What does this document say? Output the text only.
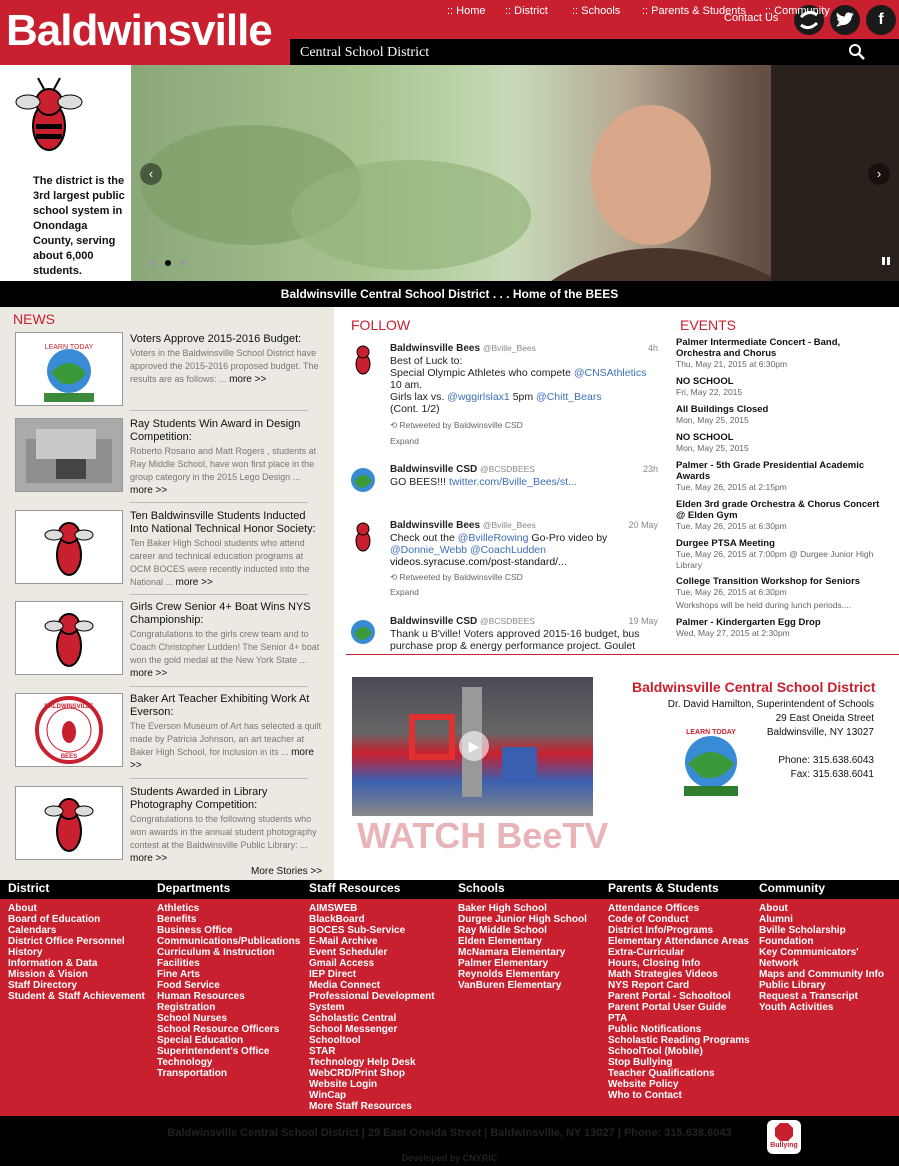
Baldwinsville Central School District
Contact Us	f
:: Home :: District :: Schools :: Parents & Students :: Community
The district is the 3rd largest public school system in Onondaga County, serving about 6,000 students.
‹	›
Baldwinsville Central School District . . . Home of the BEES
NEWS
LEARN TODAY
Voters Approve 2015-2016 Budget:
Voters in the Baldwinsville School District have approved the 2015-2016 proposed budget. The results are as follows: ... more >>
Ray Students Win Award in Design Competition:
Roberto Rosario and Matt Rogers , students at Ray Middle School, have won first place in the group category in the 2015 Lego Design ... more >>
Ten Baldwinsville Students Inducted Into National Technical Honor Society:
Ten Baker High School students who attend career and technical education programs at OCM BOCES were recently inducted into the National ... more >>
Girls Crew Senior 4+ Boat Wins NYS Championship:
Congratulations to the girls crew team and to Coach Christopher Ludden! The Senior 4+ boat won the gold medal at the New York State ... more >>
BALDWINSVILLE
BEES
Baker Art Teacher Exhibiting Work At Everson:
The Everson Museum of Art has selected a quilt made by Patricia Johnson, an art teacher at Baker High School, for inclusion in its ... more >>
Students Awarded in Library Photography Competition:
Congratulations to the following students who won awards in the annual student photography contest at the Baldwinsville Public Library: ... more >>
More Stories >>
FOLLOW
Baldwinsville Bees @Bville_Bees	4h
Best of Luck to:
Special Olympic Athletes who compete @CNSAthletics
10 am.
Girls lax vs. @wggirlslax1 5pm @Chitt_Bears
(Cont. 1/2)
⟲ Retweeted by Baldwinsville CSD
Expand
Baldwinsville CSD @BCSDBEES	23h
GO BEES!!! twitter.com/Bville_Bees/st...
Baldwinsville Bees @Bville_Bees	20 May
Check out the @BvilleRowing Go-Pro video by
@Donnie_Webb @CoachLudden
videos.syracuse.com/post-standard/...
⟲ Retweeted by Baldwinsville CSD
Expand
Baldwinsville CSD @BCSDBEES	19 May
Thank u B'ville! Voters approved 2015-16 budget, bus
purchase prop & energy performance project. Goulet
EVENTS
Palmer Intermediate Concert - Band, Orchestra and Chorus
Thu, May 21, 2015 at 6:30pm
NO SCHOOL
Fri, May 22, 2015
All Buildings Closed
Mon, May 25, 2015
NO SCHOOL
Mon, May 25, 2015
Palmer - 5th Grade Presidential Academic Awards
Tue, May 26, 2015 at 2:15pm
Elden 3rd grade Orchestra & Chorus Concert @ Elden Gym
Tue, May 26, 2015 at 6:30pm
Durgee PTSA Meeting
Tue, May 26, 2015 at 7:00pm @ Durgee Junior High Library
College Transition Workshop for Seniors
Tue, May 26, 2015 at 6:30pm
Workshops will be held during lunch periods....
Palmer - Kindergarten Egg Drop
Wed, May 27, 2015 at 2:30pm
▶
WATCH BeeTV
Baldwinsville Central School District
Dr. David Hamilton, Superintendent of Schools
29 East Oneida Street
Baldwinsville, NY 13027
Phone: 315.638.6043
Fax: 315.638.6041
LEARN TODAY
District	Departments	Staff Resources	Schools	Parents & Students	Community
About
Board of Education
Calendars
District Office Personnel
History
Information & Data
Mission & Vision
Staff Directory
Student & Staff Achievement
Athletics
Benefits
Business Office
Communications/Publications
Curriculum & Instruction
Facilities
Fine Arts
Food Service
Human Resources
Registration
School Nurses
School Resource Officers
Special Education
Superintendent's Office
Technology
Transportation
AIMSWEB
BlackBoard
BOCES Sub-Service
E-Mail Archive
Event Scheduler
Gmail Access
IEP Direct
Media Connect
Professional Development
System
Scholastic Central
School Messenger
Schooltool
STAR
Technology Help Desk
WebCRD/Print Shop
Website Login
WinCap
More Staff Resources
Baker High School
Durgee Junior High School
Ray Middle School
Elden Elementary
McNamara Elementary
Palmer Elementary
Reynolds Elementary
VanBuren Elementary
Attendance Offices
Code of Conduct
District Info/Programs
Elementary Attendance Areas
Extra-Curricular
Hours, Closing Info
Math Strategies Videos
NYS Report Card
Parent Portal - Schooltool
Parent Portal User Guide
PTA
Public Notifications
Scholastic Reading Programs
SchoolTool (Mobile)
Stop Bullying
Teacher Qualifications
Website Policy
Who to Contact
About
Alumni
Bville Scholarship Foundation
Key Communicators' Network
Maps and Community Info
Public Library
Request a Transcript
Youth Activities
Baldwinsville Central School District | 29 East Oneida Street | Baldwinsville, NY 13027 | Phone: 315.638.6043
Developed by CNYRIC
Bullying
